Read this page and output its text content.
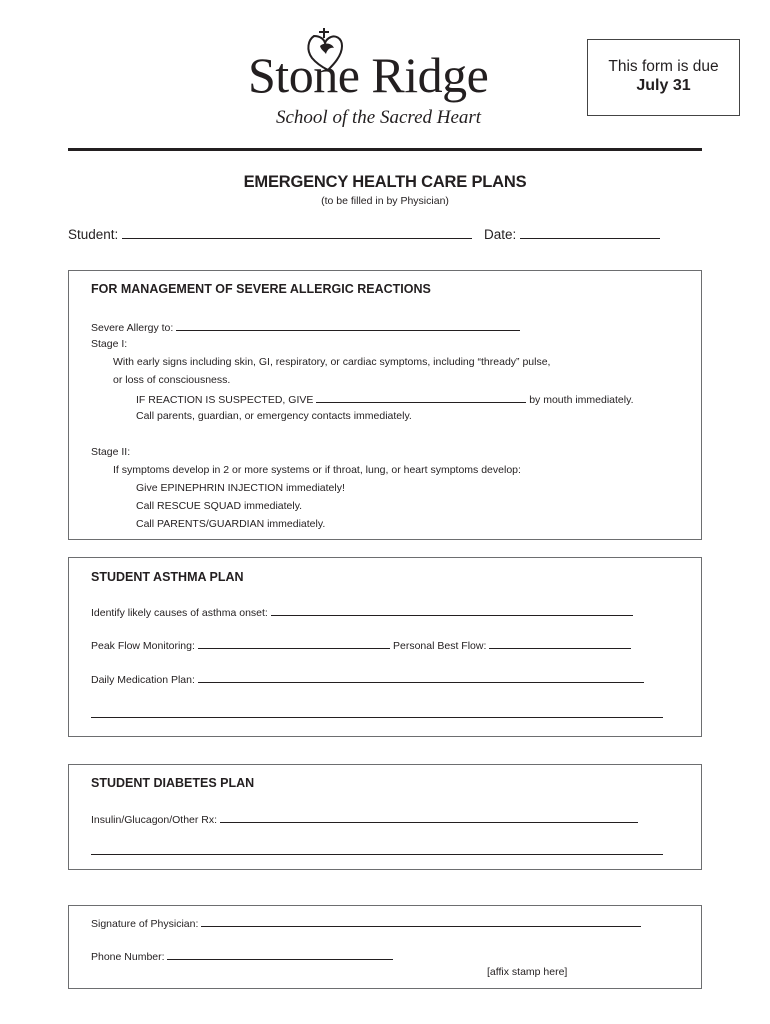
Stone Ridge
School of the Sacred Heart
This form is due
July 31
EMERGENCY HEALTH CARE PLANS
(to be filled in by Physician)
Student:	Date:
FOR MANAGEMENT OF SEVERE ALLERGIC REACTIONS
Severe Allergy to:
Stage I:
With early signs including skin, GI, respiratory, or cardiac symptoms, including “thready” pulse,
or loss of consciousness.
IF REACTION IS SUSPECTED, GIVE	by mouth immediately.
Call parents, guardian, or emergency contacts immediately.
Stage II:
If symptoms develop in 2 or more systems or if throat, lung, or heart symptoms develop:
Give EPINEPHRIN INJECTION immediately!
Call RESCUE SQUAD immediately.
Call PARENTS/GUARDIAN immediately.
STUDENT ASTHMA PLAN
Identify likely causes of asthma onset:
Peak Flow Monitoring:	Personal Best Flow:
Daily Medication Plan:
STUDENT DIABETES PLAN
Insulin/Glucagon/Other Rx:
Signature of Physician:
Phone Number:
[affix stamp here]
